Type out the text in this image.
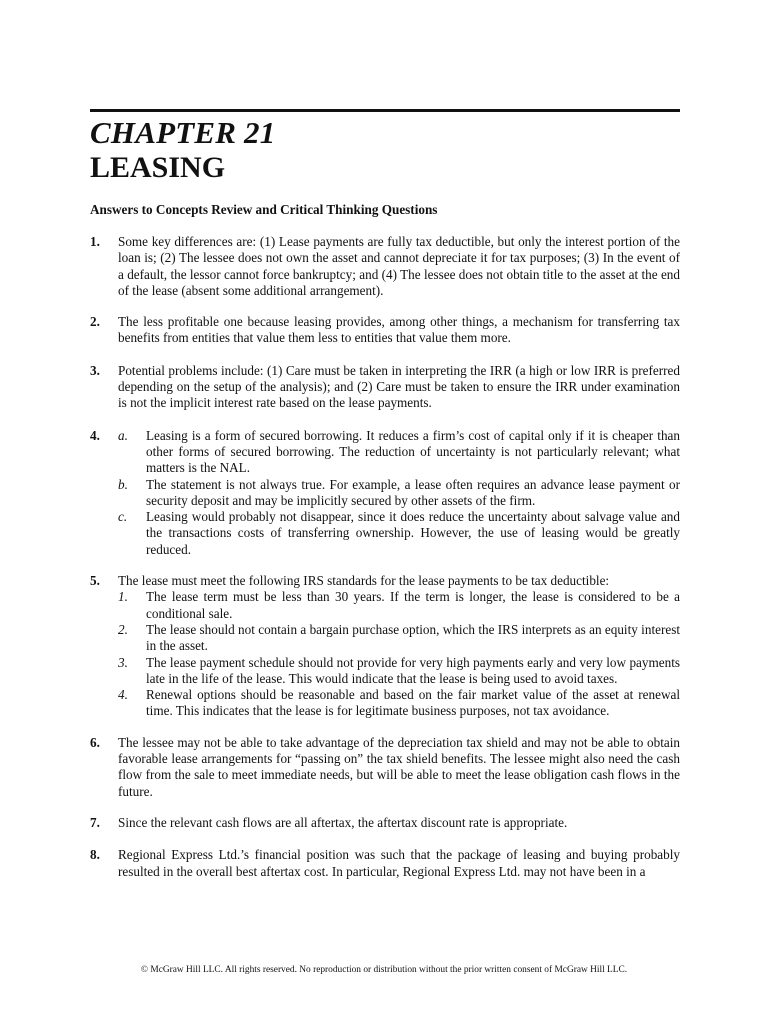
CHAPTER 21
LEASING
Answers to Concepts Review and Critical Thinking Questions
1. Some key differences are: (1) Lease payments are fully tax deductible, but only the interest portion of the loan is; (2) The lessee does not own the asset and cannot depreciate it for tax purposes; (3) In the event of a default, the lessor cannot force bankruptcy; and (4) The lessee does not obtain title to the asset at the end of the lease (absent some additional arrangement).

2. The less profitable one because leasing provides, among other things, a mechanism for transferring tax benefits from entities that value them less to entities that value them more.

3. Potential problems include: (1) Care must be taken in interpreting the IRR (a high or low IRR is preferred depending on the setup of the analysis); and (2) Care must be taken to ensure the IRR under examination is not the implicit interest rate based on the lease payments.

4. a. Leasing is a form of secured borrowing. It reduces a firm’s cost of capital only if it is cheaper than other forms of secured borrowing. The reduction of uncertainty is not particularly relevant; what matters is the NAL.

b. The statement is not always true. For example, a lease often requires an advance lease payment or security deposit and may be implicitly secured by other assets of the firm.

c. Leasing would probably not disappear, since it does reduce the uncertainty about salvage value and the transactions costs of transferring ownership. However, the use of leasing would be greatly reduced.

5. The lease must meet the following IRS standards for the lease payments to be tax deductible:

1. The lease term must be less than 30 years. If the term is longer, the lease is considered to be a conditional sale.

2. The lease should not contain a bargain purchase option, which the IRS interprets as an equity interest in the asset.

3. The lease payment schedule should not provide for very high payments early and very low payments late in the life of the lease. This would indicate that the lease is being used to avoid taxes.

4. Renewal options should be reasonable and based on the fair market value of the asset at renewal time. This indicates that the lease is for legitimate business purposes, not tax avoidance.

6. The lessee may not be able to take advantage of the depreciation tax shield and may not be able to obtain favorable lease arrangements for “passing on” the tax shield benefits. The lessee might also need the cash flow from the sale to meet immediate needs, but will be able to meet the lease obligation cash flows in the future.

7. Since the relevant cash flows are all aftertax, the aftertax discount rate is appropriate.

8. Regional Express Ltd.’s financial position was such that the package of leasing and buying probably resulted in the overall best aftertax cost. In particular, Regional Express Ltd. may not have been in a

© McGraw Hill LLC. All rights reserved. No reproduction or distribution without the prior written consent of McGraw Hill LLC.
